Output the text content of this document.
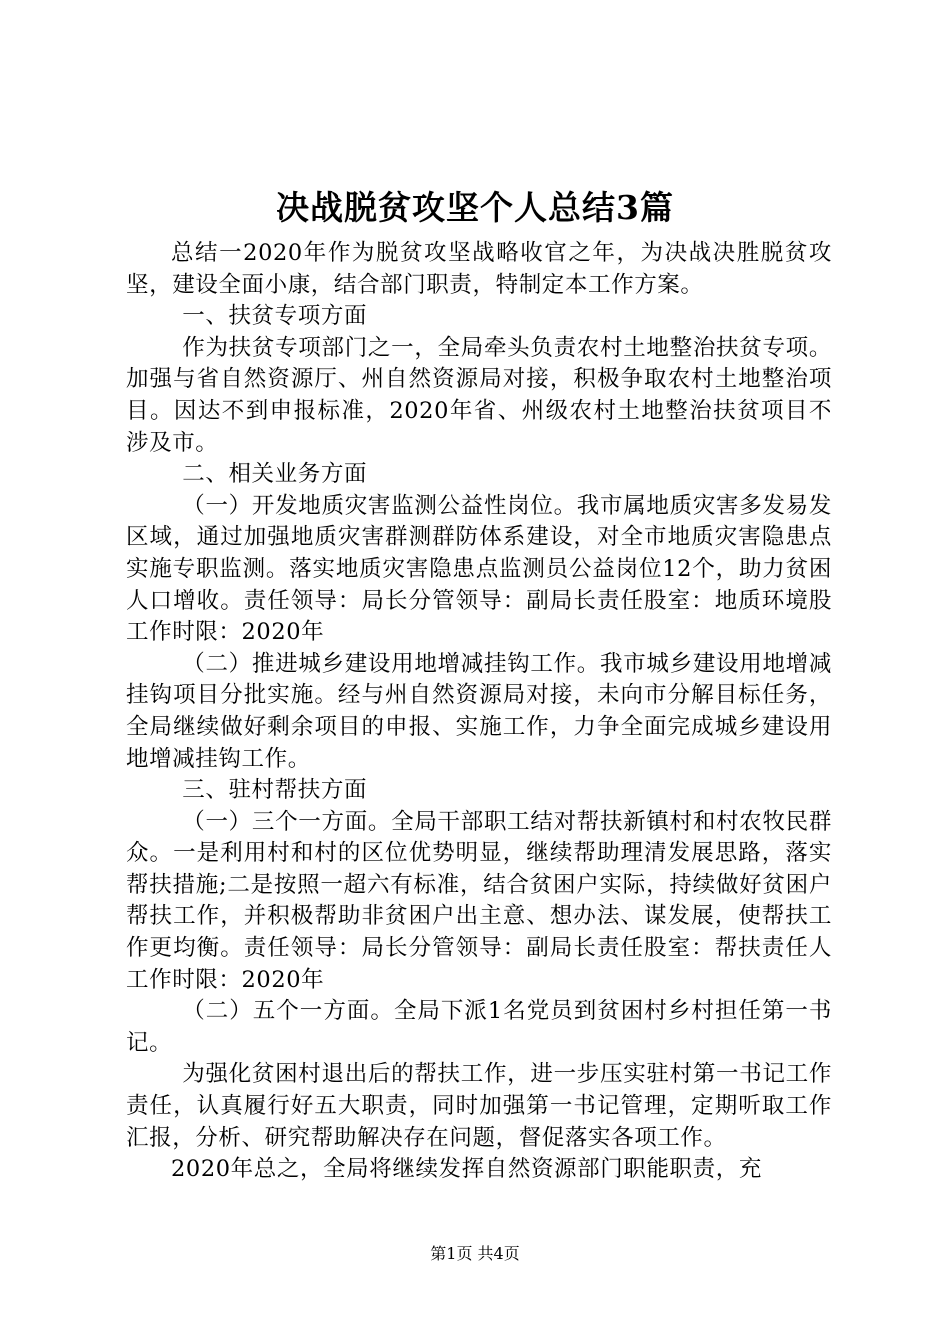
决战脱贫攻坚个人总结3篇

总结一2020年作为脱贫攻坚战略收官之年，为决战决胜脱贫攻坚，建设全面小康，结合部门职责，特制定本工作方案。

一、扶贫专项方面

作为扶贫专项部门之一，全局牵头负责农村土地整治扶贫专项。加强与省自然资源厅、州自然资源局对接，积极争取农村土地整治项目。因达不到申报标准，2020年省、州级农村土地整治扶贫项目不涉及市。

二、相关业务方面

（一）开发地质灾害监测公益性岗位。我市属地质灾害多发易发区域，通过加强地质灾害群测群防体系建设，对全市地质灾害隐患点实施专职监测。落实地质灾害隐患点监测员公益岗位12个，助力贫困人口增收。责任领导：局长分管领导：副局长责任股室：地质环境股工作时限：2020年

（二）推进城乡建设用地增减挂钩工作。我市城乡建设用地增减挂钩项目分批实施。经与州自然资源局对接，未向市分解目标任务，全局继续做好剩余项目的申报、实施工作，力争全面完成城乡建设用地增减挂钩工作。

三、驻村帮扶方面

（一）三个一方面。全局干部职工结对帮扶新镇村和村农牧民群众。一是利用村和村的区位优势明显，继续帮助理清发展思路，落实帮扶措施;二是按照一超六有标准，结合贫困户实际，持续做好贫困户帮扶工作，并积极帮助非贫困户出主意、想办法、谋发展，使帮扶工作更均衡。责任领导：局长分管领导：副局长责任股室：帮扶责任人工作时限：2020年

（二）五个一方面。全局下派1名党员到贫困村乡村担任第一书记。

为强化贫困村退出后的帮扶工作，进一步压实驻村第一书记工作责任，认真履行好五大职责，同时加强第一书记管理，定期听取工作汇报，分析、研究帮助解决存在问题，督促落实各项工作。

2020年总之，全局将继续发挥自然资源部门职能职责，充

第1页 共4页
